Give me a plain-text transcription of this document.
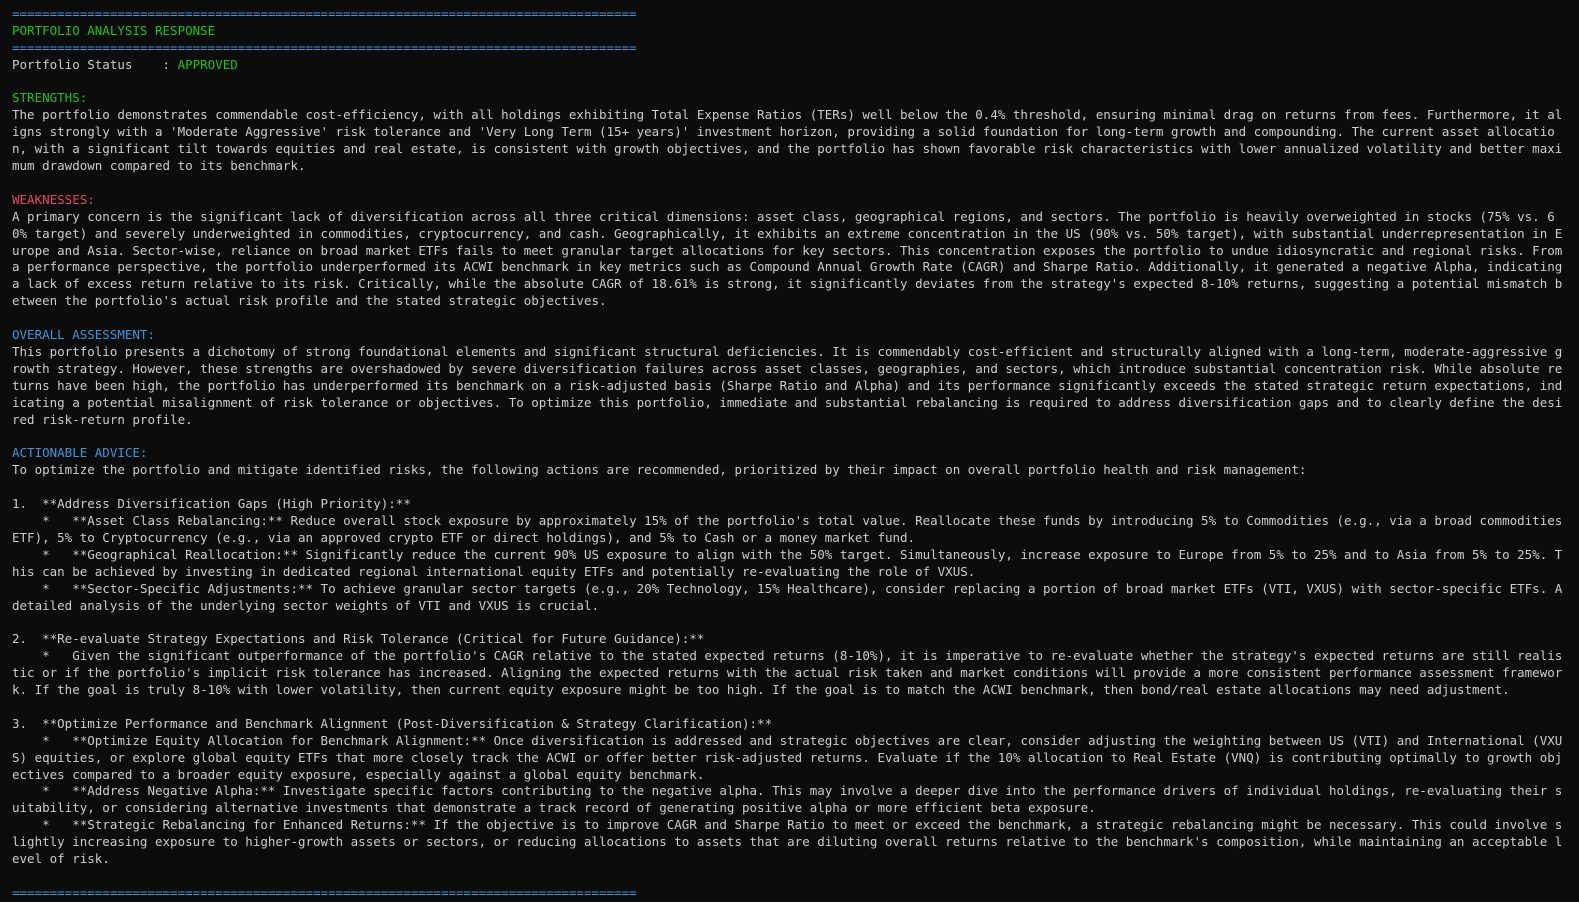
===================================================================================
PORTFOLIO ANALYSIS RESPONSE
===================================================================================
Portfolio Status    : APPROVED
STRENGTHS:
The portfolio demonstrates commendable cost-efficiency, with all holdings exhibiting Total Expense Ratios (TERs) well below the 0.4% threshold, ensuring minimal drag on returns from fees. Furthermore, it aligns strongly with a 'Moderate Aggressive' risk tolerance and 'Very Long Term (15+ years)' investment horizon, providing a solid foundation for long-term growth and compounding. The current asset allocation, with a significant tilt towards equities and real estate, is consistent with growth objectives, and the portfolio has shown favorable risk characteristics with lower annualized volatility and better maximum drawdown compared to its benchmark.
WEAKNESSES:
A primary concern is the significant lack of diversification across all three critical dimensions: asset class, geographical regions, and sectors. The portfolio is heavily overweighted in stocks (75% vs. 60% target) and severely underweighted in commodities, cryptocurrency, and cash. Geographically, it exhibits an extreme concentration in the US (90% vs. 50% target), with substantial underrepresentation in Europe and Asia. Sector-wise, reliance on broad market ETFs fails to meet granular target allocations for key sectors. This concentration exposes the portfolio to undue idiosyncratic and regional risks. From a performance perspective, the portfolio underperformed its ACWI benchmark in key metrics such as Compound Annual Growth Rate (CAGR) and Sharpe Ratio. Additionally, it generated a negative Alpha, indicating a lack of excess return relative to its risk. Critically, while the absolute CAGR of 18.61% is strong, it significantly deviates from the strategy's expected 8-10% returns, suggesting a potential mismatch between the portfolio's actual risk profile and the stated strategic objectives.
OVERALL ASSESSMENT:
This portfolio presents a dichotomy of strong foundational elements and significant structural deficiencies. It is commendably cost-efficient and structurally aligned with a long-term, moderate-aggressive growth strategy. However, these strengths are overshadowed by severe diversification failures across asset classes, geographies, and sectors, which introduce substantial concentration risk. While absolute returns have been high, the portfolio has underperformed its benchmark on a risk-adjusted basis (Sharpe Ratio and Alpha) and its performance significantly exceeds the stated strategic return expectations, indicating a potential misalignment of risk tolerance or objectives. To optimize this portfolio, immediate and substantial rebalancing is required to address diversification gaps and to clearly define the desired risk-return profile.
ACTIONABLE ADVICE:
To optimize the portfolio and mitigate identified risks, the following actions are recommended, prioritized by their impact on overall portfolio health and risk management:
1.  **Address Diversification Gaps (High Priority):**
*   **Asset Class Rebalancing:** Reduce overall stock exposure by approximately 15% of the portfolio's total value. Reallocate these funds by introducing 5% to Commodities (e.g., via a broad commodities ETF), 5% to Cryptocurrency (e.g., via an approved crypto ETF or direct holdings), and 5% to Cash or a money market fund.
*   **Geographical Reallocation:** Significantly reduce the current 90% US exposure to align with the 50% target. Simultaneously, increase exposure to Europe from 5% to 25% and to Asia from 5% to 25%. This can be achieved by investing in dedicated regional international equity ETFs and potentially re-evaluating the role of VXUS.
*   **Sector-Specific Adjustments:** To achieve granular sector targets (e.g., 20% Technology, 15% Healthcare), consider replacing a portion of broad market ETFs (VTI, VXUS) with sector-specific ETFs. A detailed analysis of the underlying sector weights of VTI and VXUS is crucial.
2.  **Re-evaluate Strategy Expectations and Risk Tolerance (Critical for Future Guidance):**
*   Given the significant outperformance of the portfolio's CAGR relative to the stated expected returns (8-10%), it is imperative to re-evaluate whether the strategy's expected returns are still realistic or if the portfolio's implicit risk tolerance has increased. Aligning the expected returns with the actual risk taken and market conditions will provide a more consistent performance assessment framework. If the goal is truly 8-10% with lower volatility, then current equity exposure might be too high. If the goal is to match the ACWI benchmark, then bond/real estate allocations may need adjustment.
3.  **Optimize Performance and Benchmark Alignment (Post-Diversification & Strategy Clarification):**
*   **Optimize Equity Allocation for Benchmark Alignment:** Once diversification is addressed and strategic objectives are clear, consider adjusting the weighting between US (VTI) and International (VXUS) equities, or explore global equity ETFs that more closely track the ACWI or offer better risk-adjusted returns. Evaluate if the 10% allocation to Real Estate (VNQ) is contributing optimally to growth objectives compared to a broader equity exposure, especially against a global equity benchmark.
*   **Address Negative Alpha:** Investigate specific factors contributing to the negative alpha. This may involve a deeper dive into the performance drivers of individual holdings, re-evaluating their suitability, or considering alternative investments that demonstrate a track record of generating positive alpha or more efficient beta exposure.
*   **Strategic Rebalancing for Enhanced Returns:** If the objective is to improve CAGR and Sharpe Ratio to meet or exceed the benchmark, a strategic rebalancing might be necessary. This could involve slightly increasing exposure to higher-growth assets or sectors, or reducing allocations to assets that are diluting overall returns relative to the benchmark's composition, while maintaining an acceptable level of risk.
===================================================================================
